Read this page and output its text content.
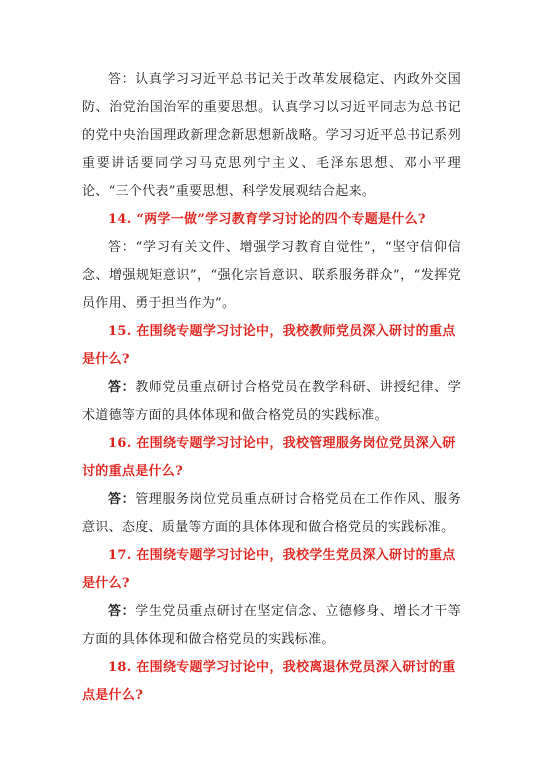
答：认真学习习近平总书记关于改革发展稳定、内政外交国防、治党治国治军的重要思想。认真学习以习近平同志为总书记的党中央治国理政新理念新思想新战略。学习习近平总书记系列重要讲话要同学习马克思列宁主义、毛泽东思想、邓小平理论、“三个代表”重要思想、科学发展观结合起来。

14. “两学一做”学习教育学习讨论的四个专题是什么?

答：“学习有关文件、增强学习教育自觉性”，“坚守信仰信念、增强规矩意识”，“强化宗旨意识、联系服务群众”，“发挥党员作用、勇于担当作为”。

15. 在围绕专题学习讨论中，我校教师党员深入研讨的重点是什么?

答：教师党员重点研讨合格党员在教学科研、讲授纪律、学术道德等方面的具体体现和做合格党员的实践标准。

16. 在围绕专题学习讨论中，我校管理服务岗位党员深入研讨的重点是什么?

答：管理服务岗位党员重点研讨合格党员在工作作风、服务意识、态度、质量等方面的具体体现和做合格党员的实践标准。

17. 在围绕专题学习讨论中，我校学生党员深入研讨的重点是什么?

答：学生党员重点研讨在坚定信念、立德修身、增长才干等方面的具体体现和做合格党员的实践标准。

18. 在围绕专题学习讨论中，我校离退休党员深入研讨的重点是什么?
